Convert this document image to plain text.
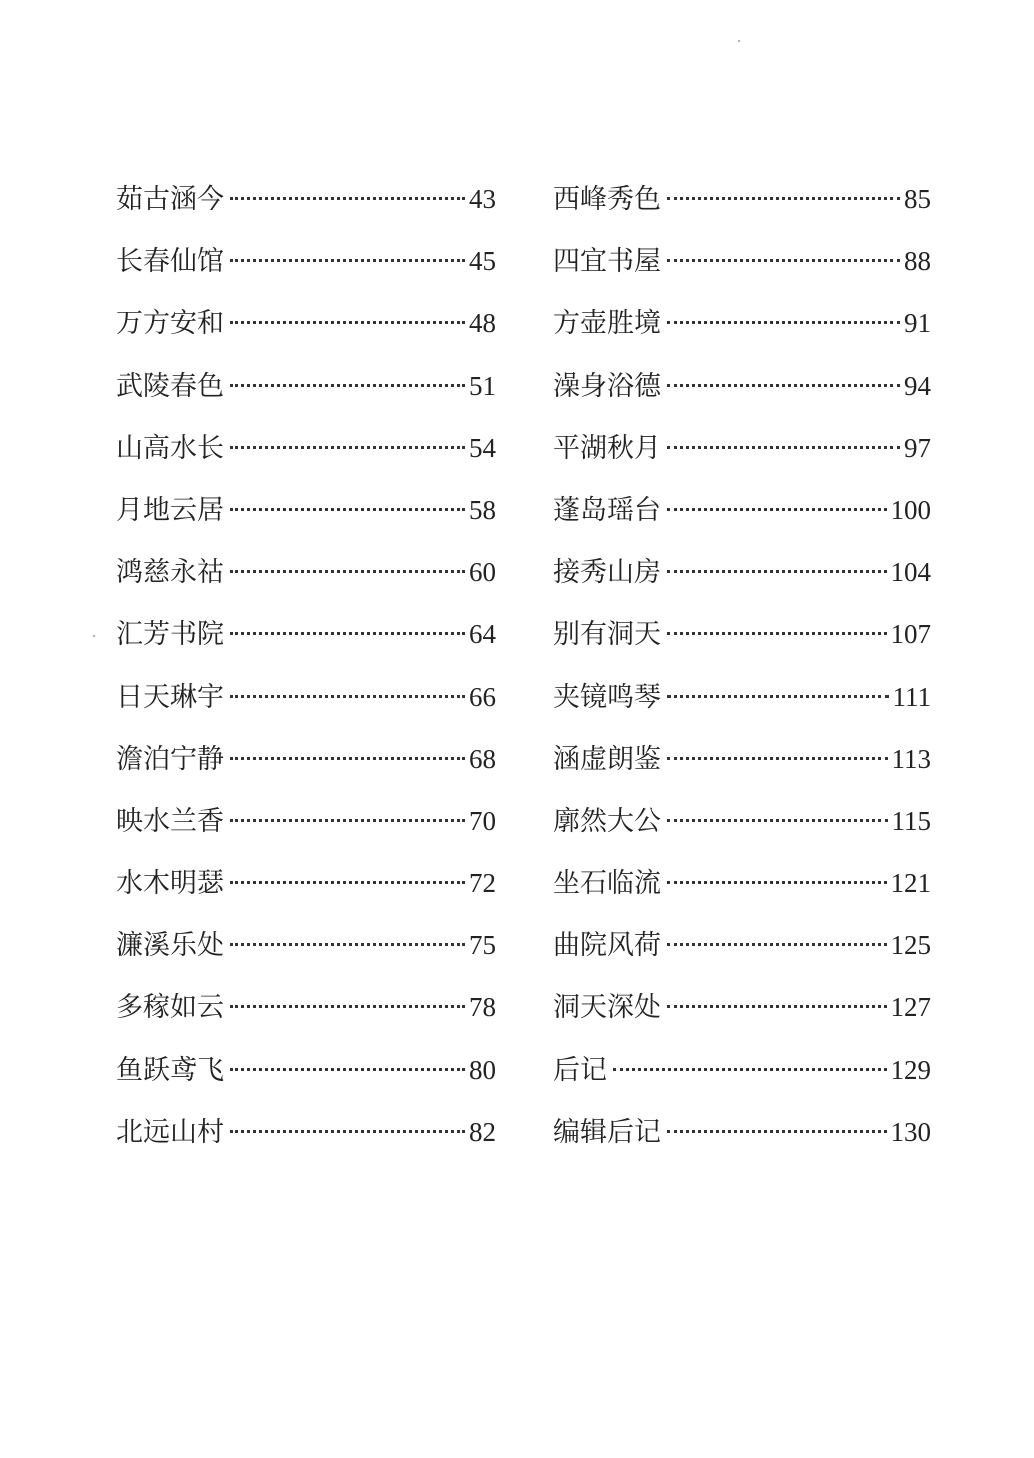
茹古涵今	43
长春仙馆	45
万方安和	48
武陵春色	51
山高水长	54
月地云居	58
鸿慈永祜	60
汇芳书院	64
日天琳宇	66
澹泊宁静	68
映水兰香	70
水木明瑟	72
濂溪乐处	75
多稼如云	78
鱼跃鸢飞	80
北远山村	82
西峰秀色	85
四宜书屋	88
方壶胜境	91
澡身浴德	94
平湖秋月	97
蓬岛瑶台	100
接秀山房	104
别有洞天	107
夹镜鸣琴	111
涵虚朗鉴	113
廓然大公	115
坐石临流	121
曲院风荷	125
洞天深处	127
后记	129
编辑后记	130
